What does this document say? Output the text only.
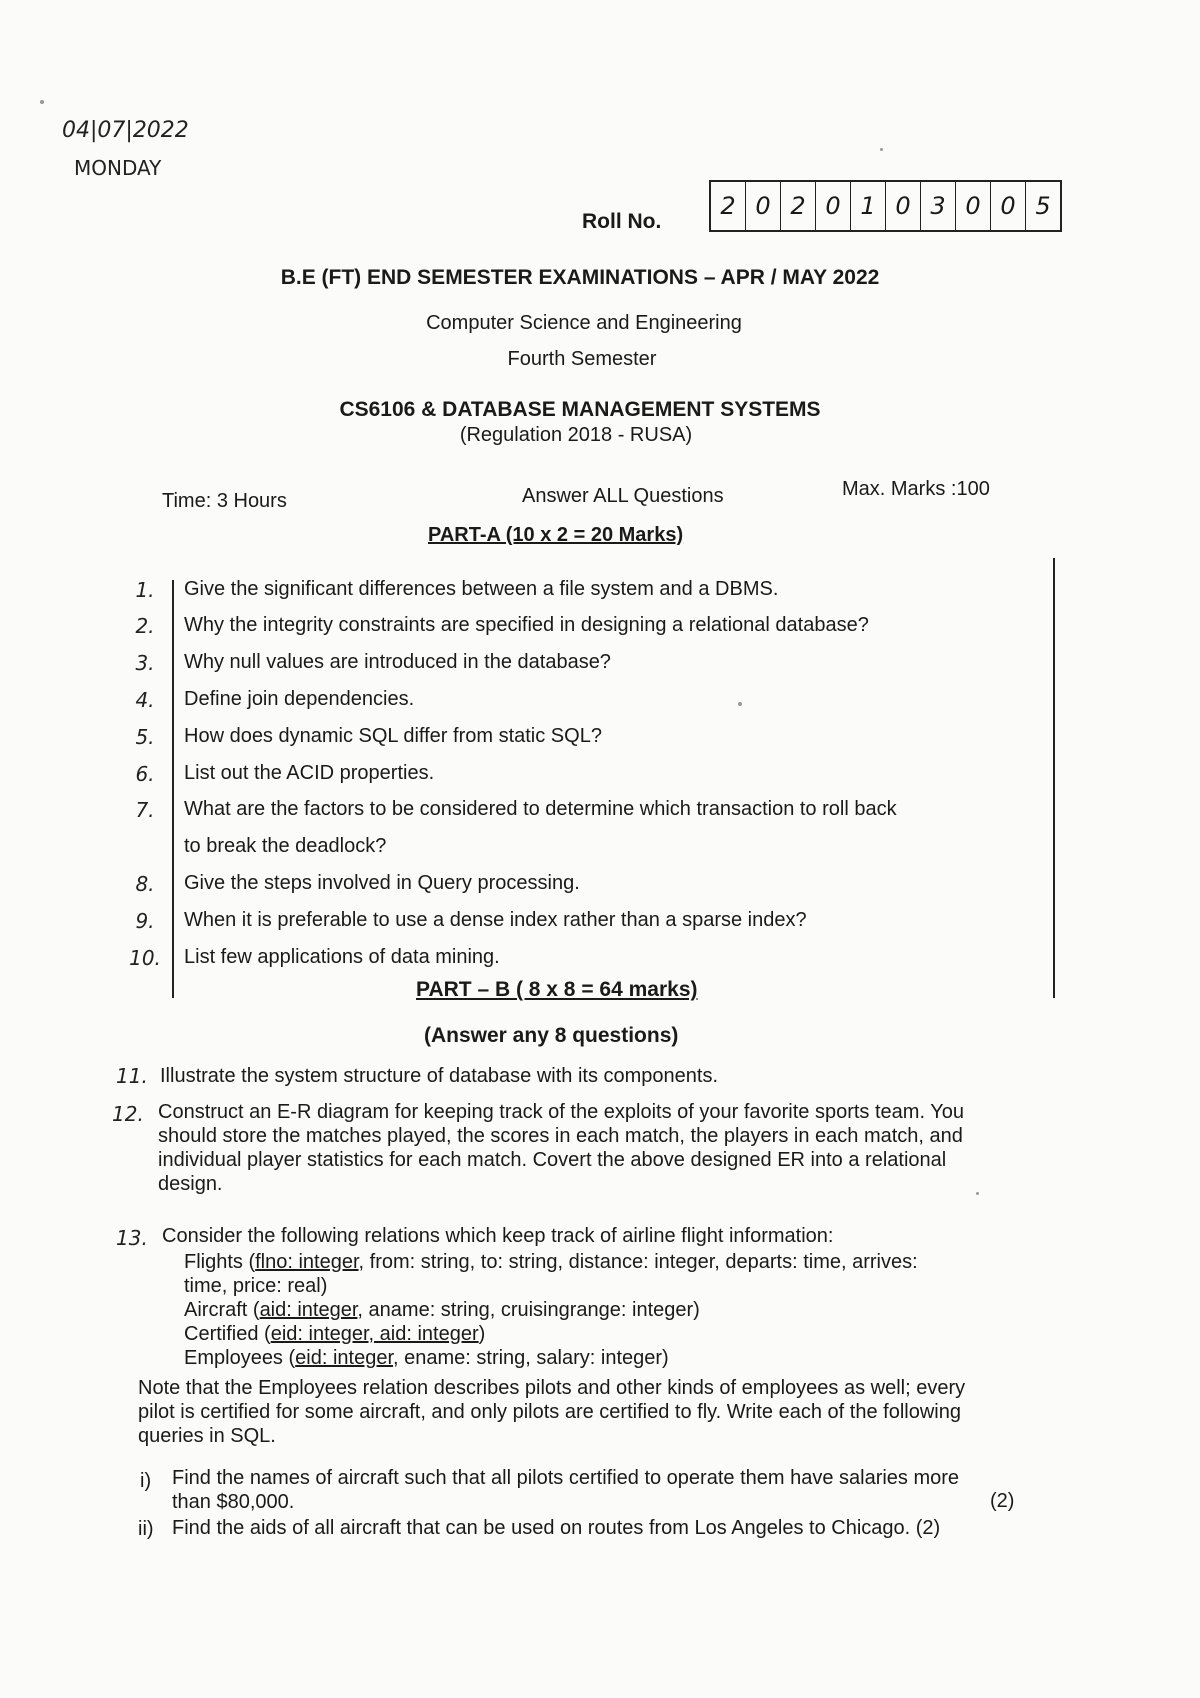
04|07|2022
MONDAY
Roll No.
2 0 2 0 1 0 3 0 0 5
B.E (FT) END SEMESTER EXAMINATIONS – APR / MAY 2022
Computer Science and Engineering
Fourth Semester
CS6106 & DATABASE MANAGEMENT SYSTEMS
(Regulation 2018 - RUSA)
Time: 3 Hours	Answer ALL Questions	Max. Marks :100
PART-A (10 x 2 = 20 Marks)
1.	Give the significant differences between a file system and a DBMS.
2.	Why the integrity constraints are specified in designing a relational database?
3.	Why null values are introduced in the database?
4.	Define join dependencies.
5.	How does dynamic SQL differ from static SQL?
6.	List out the ACID properties.
7.	What are the factors to be considered to determine which transaction to roll back
to break the deadlock?
8.	Give the steps involved in Query processing.
9.	When it is preferable to use a dense index rather than a sparse index?
10.	List few applications of data mining.
PART – B ( 8 x 8 = 64 marks)
(Answer any 8 questions)
11. Illustrate the system structure of database with its components.
12. Construct an E-R diagram for keeping track of the exploits of your favorite sports team. You
should store the matches played, the scores in each match, the players in each match, and
individual player statistics for each match. Covert the above designed ER into a relational
design.
13. Consider the following relations which keep track of airline flight information:
Flights (flno: integer, from: string, to: string, distance: integer, departs: time, arrives:
time, price: real)
Aircraft (aid: integer, aname: string, cruisingrange: integer)
Certified (eid: integer, aid: integer)
Employees (eid: integer, ename: string, salary: integer)
Note that the Employees relation describes pilots and other kinds of employees as well; every
pilot is certified for some aircraft, and only pilots are certified to fly. Write each of the following
queries in SQL.
i) Find the names of aircraft such that all pilots certified to operate them have salaries more
than $80,000.	(2)
ii) Find the aids of all aircraft that can be used on routes from Los Angeles to Chicago. (2)
